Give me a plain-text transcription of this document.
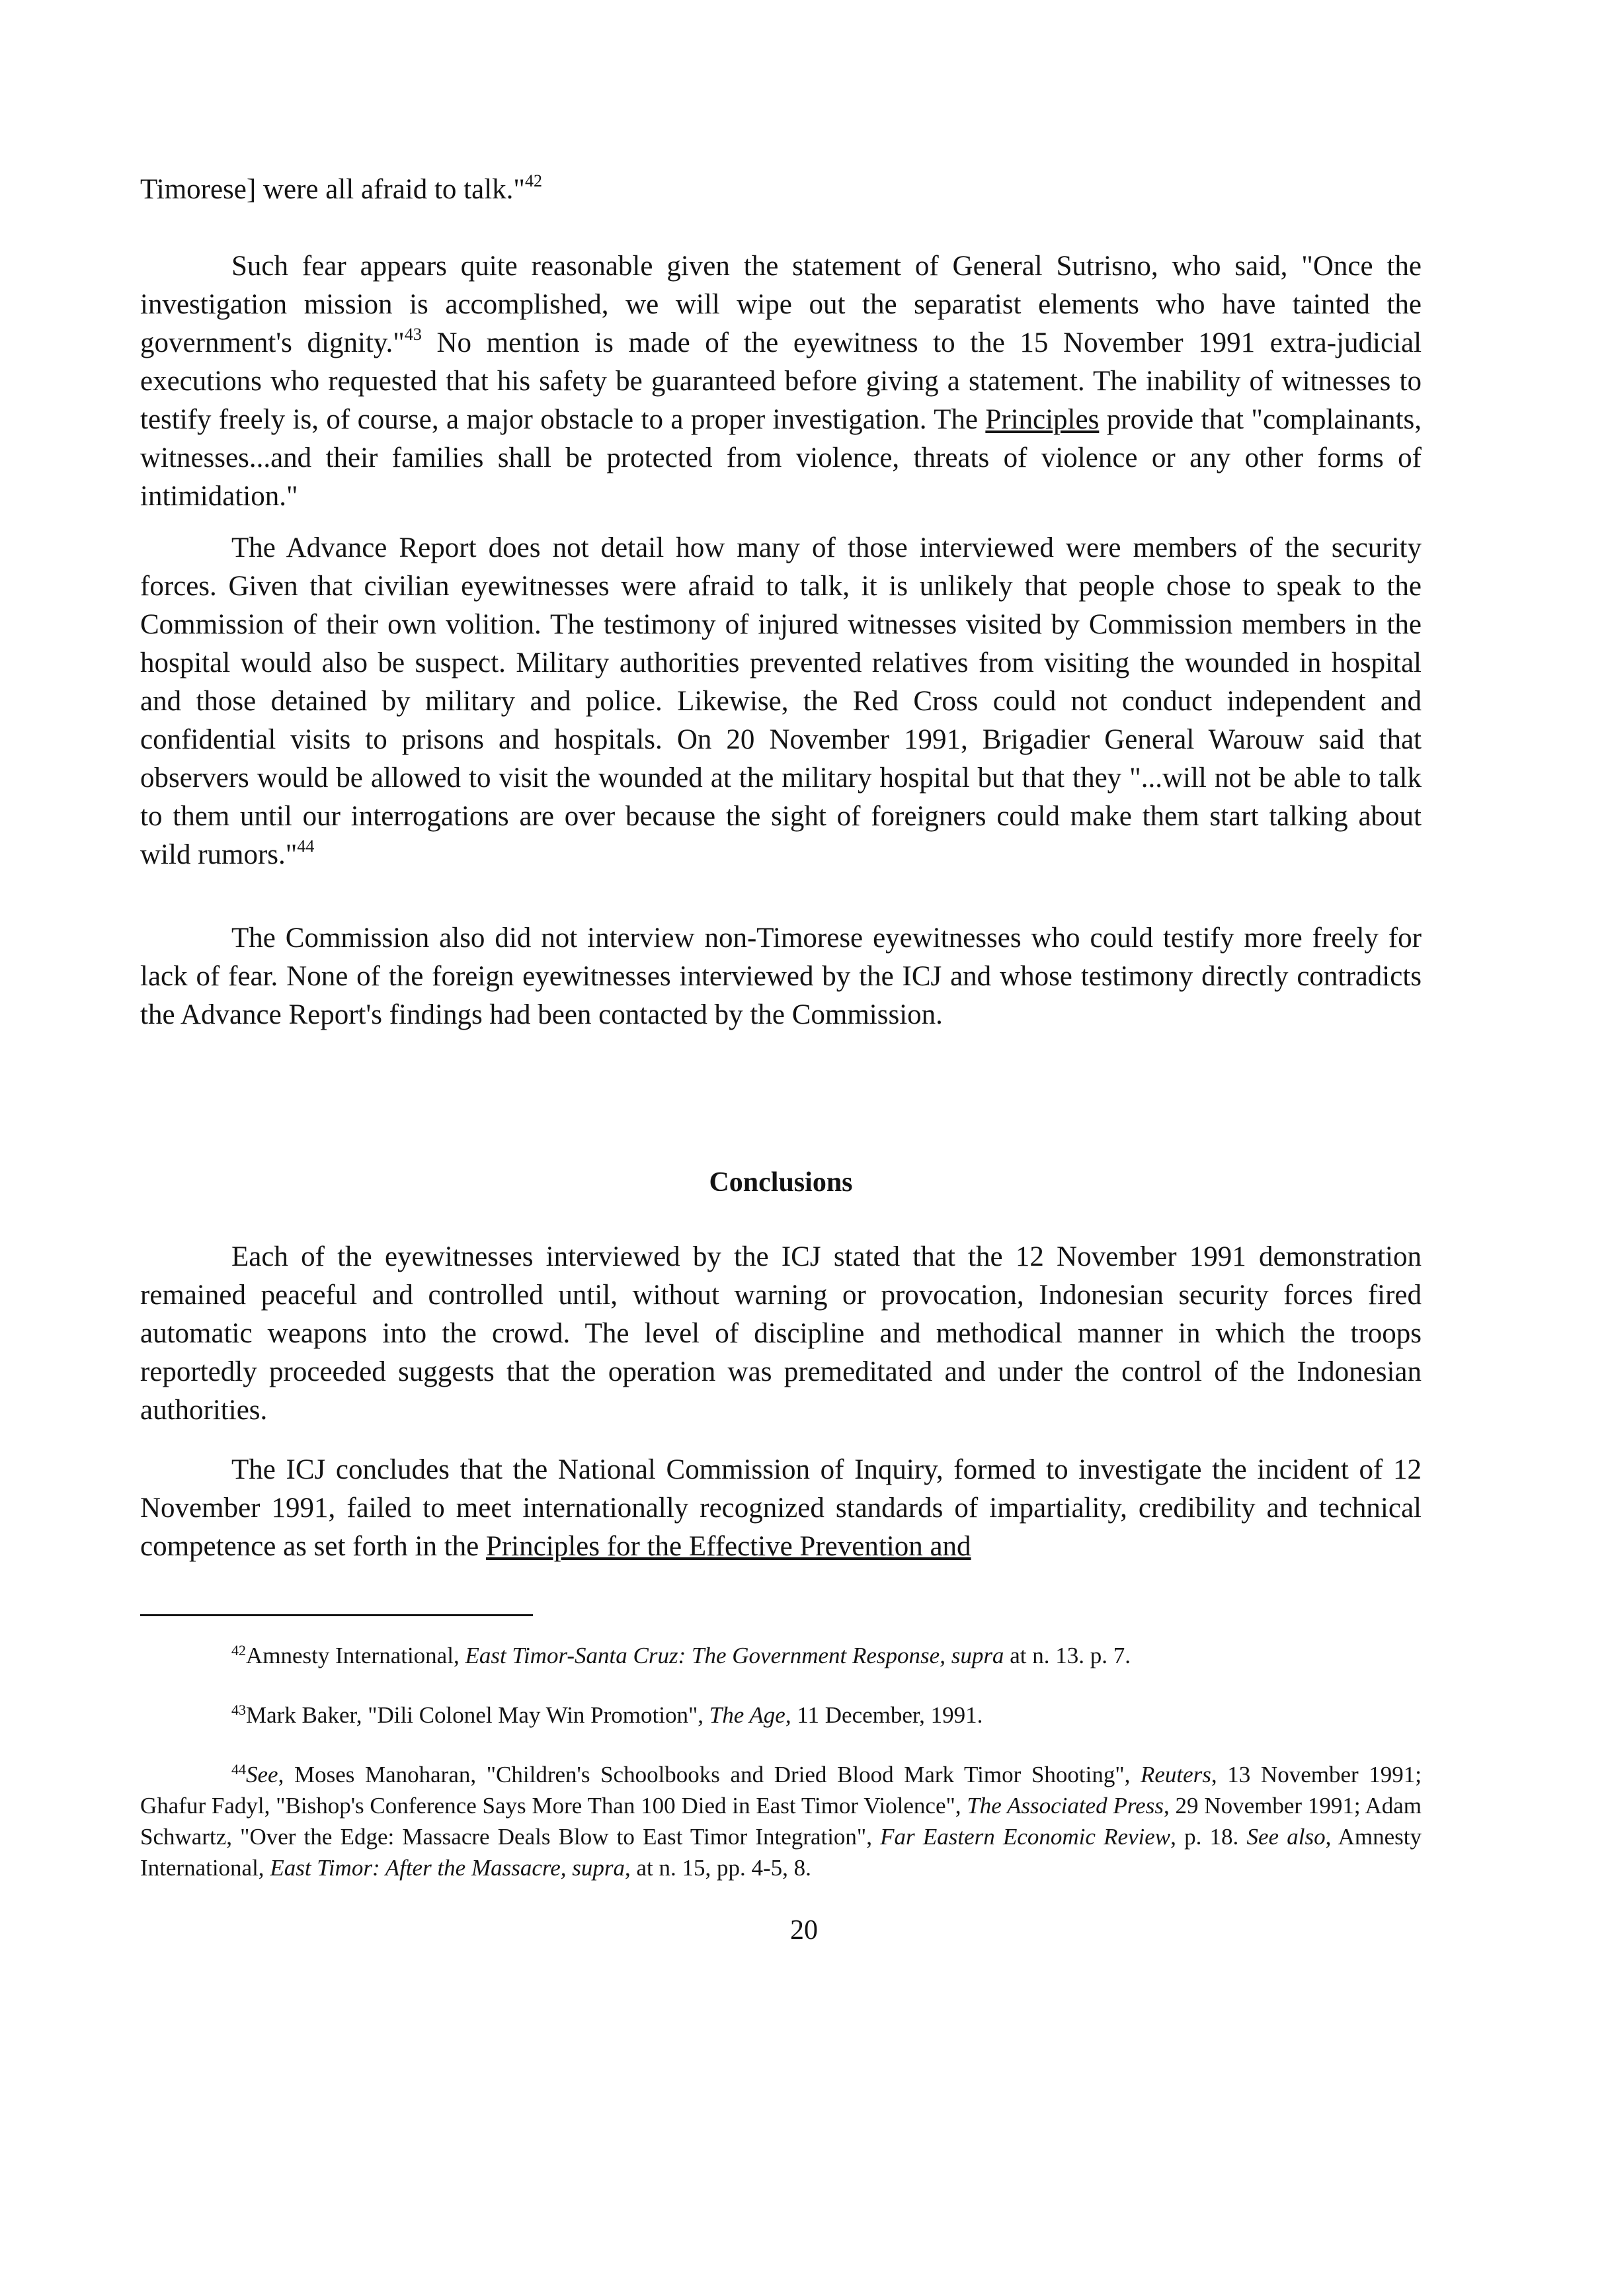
Timorese] were all afraid to talk."$^{42}$

Such fear appears quite reasonable given the statement of General Sutrisno, who said, "Once the investigation mission is accomplished, we will wipe out the separatist elements who have tainted the government's dignity."$^{43}$ No mention is made of the eyewitness to the 15 November 1991 extra-judicial executions who requested that his safety be guaranteed before giving a statement. The inability of witnesses to testify freely is, of course, a major obstacle to a proper investigation. The Principles provide that "complainants, witnesses...and their families shall be protected from violence, threats of violence or any other forms of intimidation."

The Advance Report does not detail how many of those interviewed were members of the security forces. Given that civilian eyewitnesses were afraid to talk, it is unlikely that people chose to speak to the Commission of their own volition. The testimony of injured witnesses visited by Commission members in the hospital would also be suspect. Military authorities prevented relatives from visiting the wounded in hospital and those detained by military and police. Likewise, the Red Cross could not conduct independent and confidential visits to prisons and hospitals. On 20 November 1991, Brigadier General Warouw said that observers would be allowed to visit the wounded at the military hospital but that they "...will not be able to talk to them until our interrogations are over because the sight of foreigners could make them start talking about wild rumors."$^{44}$

The Commission also did not interview non-Timorese eyewitnesses who could testify more freely for lack of fear. None of the foreign eyewitnesses interviewed by the ICJ and whose testimony directly contradicts the Advance Report's findings had been contacted by the Commission.

Conclusions

Each of the eyewitnesses interviewed by the ICJ stated that the 12 November 1991 demonstration remained peaceful and controlled until, without warning or provocation, Indonesian security forces fired automatic weapons into the crowd. The level of discipline and methodical manner in which the troops reportedly proceeded suggests that the operation was premeditated and under the control of the Indonesian authorities.

The ICJ concludes that the National Commission of Inquiry, formed to investigate the incident of 12 November 1991, failed to meet internationally recognized standards of impartiality, credibility and technical competence as set forth in the Principles for the Effective Prevention and

$^{42}$Amnesty International, East Timor-Santa Cruz: The Government Response, supra at n. 13. p. 7.

$^{43}$Mark Baker, "Dili Colonel May Win Promotion", The Age, 11 December, 1991.

$^{44}$See, Moses Manoharan, "Children's Schoolbooks and Dried Blood Mark Timor Shooting", Reuters, 13 November 1991; Ghafur Fadyl, "Bishop's Conference Says More Than 100 Died in East Timor Violence", The Associated Press, 29 November 1991; Adam Schwartz, "Over the Edge: Massacre Deals Blow to East Timor Integration", Far Eastern Economic Review, p. 18. See also, Amnesty International, East Timor: After the Massacre, supra, at n. 15, pp. 4-5, 8.

20
